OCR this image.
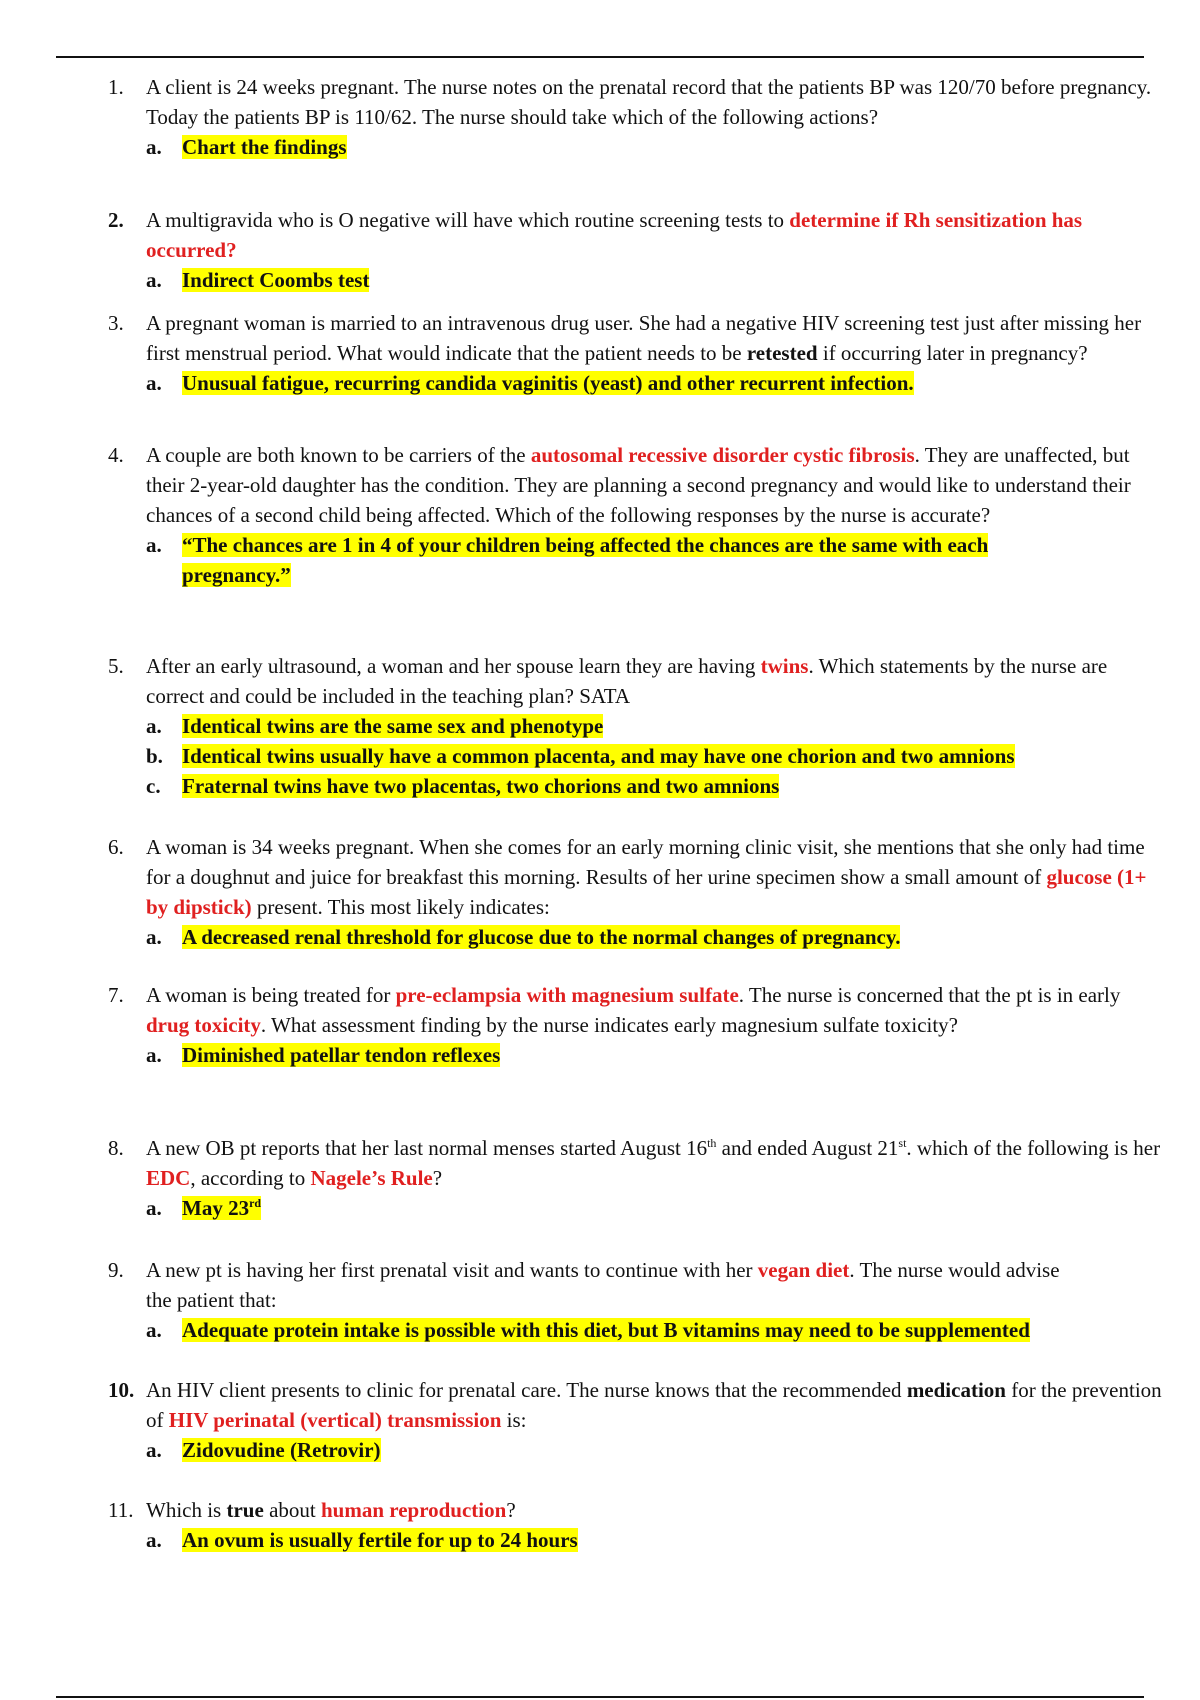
1.	A client is 24 weeks pregnant. The nurse notes on the prenatal record that the patients BP was 120/70 before pregnancy. Today the patients BP is 110/62. The nurse should take which of the following actions?
a. Chart the findings
2.	A multigravida who is O negative will have which routine screening tests to determine if Rh sensitization has occurred?
a. Indirect Coombs test
3.	A pregnant woman is married to an intravenous drug user. She had a negative HIV screening test just after missing her first menstrual period. What would indicate that the patient needs to be retested if occurring later in pregnancy?
a. Unusual fatigue, recurring candida vaginitis (yeast) and other recurrent infection.
4.	A couple are both known to be carriers of the autosomal recessive disorder cystic fibrosis. They are unaffected, but their 2-year-old daughter has the condition. They are planning a second pregnancy and would like to understand their chances of a second child being affected. Which of the following responses by the nurse is accurate?
a. “The chances are 1 in 4 of your children being affected the chances are the same with each pregnancy.”
5.	After an early ultrasound, a woman and her spouse learn they are having twins. Which statements by the nurse are correct and could be included in the teaching plan? SATA
a. Identical twins are the same sex and phenotype
b. Identical twins usually have a common placenta, and may have one chorion and two amnions
c.	Fraternal twins have two placentas, two chorions and two amnions
6.	A woman is 34 weeks pregnant. When she comes for an early morning clinic visit, she mentions that she only had time for a doughnut and juice for breakfast this morning. Results of her urine specimen show a small amount of glucose (1+ by dipstick) present. This most likely indicates:
a. A decreased renal threshold for glucose due to the normal changes of pregnancy.
7.	A woman is being treated for pre-eclampsia with magnesium sulfate. The nurse is concerned that the pt is in early drug toxicity. What assessment finding by the nurse indicates early magnesium sulfate toxicity?
a. Diminished patellar tendon reflexes
8.	A new OB pt reports that her last normal menses started August 16th and ended August 21st. which of the following is her EDC, according to Nagele’s Rule?
a. May 23rd
9.	A new pt is having her first prenatal visit and wants to continue with her vegan diet. The nurse would advise the patient that:
a. Adequate protein intake is possible with this diet, but B vitamins may need to be supplemented
10. An HIV client presents to clinic for prenatal care. The nurse knows that the recommended medication for the prevention of HIV perinatal (vertical) transmission is:
a. Zidovudine (Retrovir)
11. Which is true about human reproduction?
a. An ovum is usually fertile for up to 24 hours
